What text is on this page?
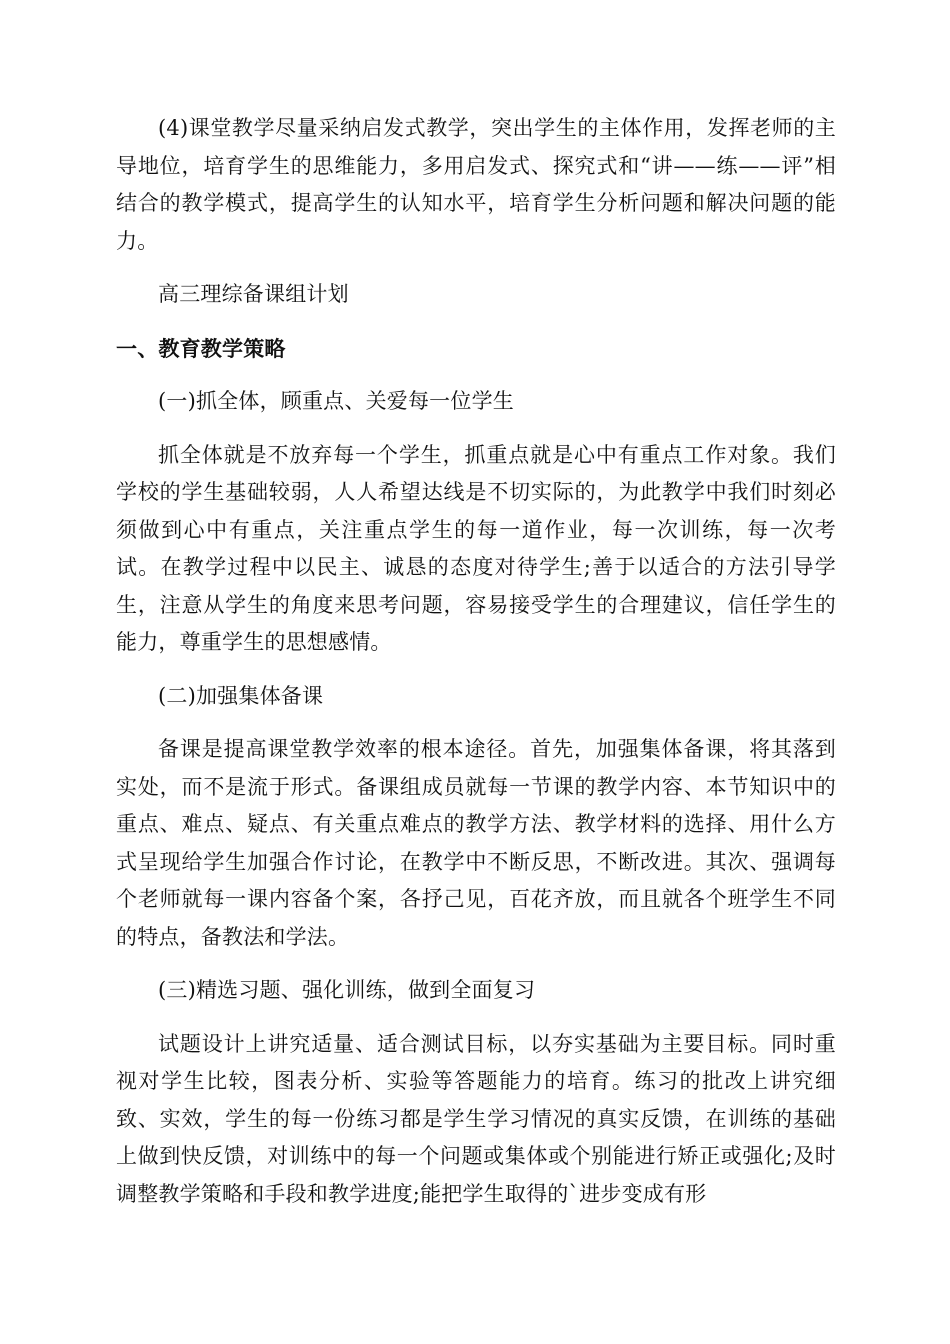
(4)课堂教学尽量采纳启发式教学，突出学生的主体作用，发挥老师的主导地位，培育学生的思维能力，多用启发式、探究式和“讲——练——评”相结合的教学模式，提高学生的认知水平，培育学生分析问题和解决问题的能力。

高三理综备课组计划

一、教育教学策略

(一)抓全体，顾重点、关爱每一位学生

抓全体就是不放弃每一个学生，抓重点就是心中有重点工作对象。我们学校的学生基础较弱，人人希望达线是不切实际的，为此教学中我们时刻必须做到心中有重点，关注重点学生的每一道作业，每一次训练，每一次考试。在教学过程中以民主、诚恳的态度对待学生;善于以适合的方法引导学生，注意从学生的角度来思考问题，容易接受学生的合理建议，信任学生的能力，尊重学生的思想感情。

(二)加强集体备课

备课是提高课堂教学效率的根本途径。首先，加强集体备课，将其落到实处，而不是流于形式。备课组成员就每一节课的教学内容、本节知识中的重点、难点、疑点、有关重点难点的教学方法、教学材料的选择、用什么方式呈现给学生加强合作讨论，在教学中不断反思，不断改进。其次、强调每个老师就每一课内容备个案，各抒己见，百花齐放，而且就各个班学生不同的特点，备教法和学法。

(三)精选习题、强化训练，做到全面复习

试题设计上讲究适量、适合测试目标，以夯实基础为主要目标。同时重视对学生比较，图表分析、实验等答题能力的培育。练习的批改上讲究细致、实效，学生的每一份练习都是学生学习情况的真实反馈，在训练的基础上做到快反馈，对训练中的每一个问题或集体或个别能进行矫正或强化;及时调整教学策略和手段和教学进度;能把学生取得的`进步变成有形
